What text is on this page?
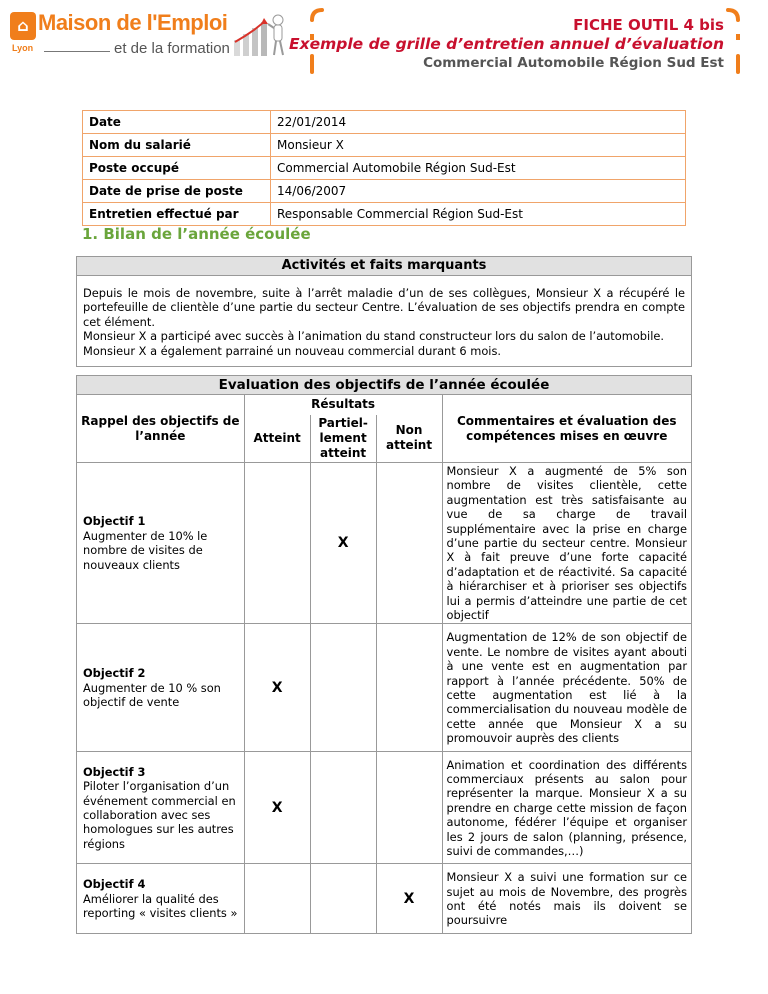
⌂ Maison de l'Emploi
Lyon	et de la formation
FICHE OUTIL 4 bis
Exemple de grille d’entretien annuel d’évaluation
Commercial Automobile Région Sud Est
Date	22/01/2014
Nom du salarié	Monsieur X
Poste occupé	Commercial Automobile Région Sud-Est
Date de prise de poste	14/06/2007
Entretien effectué par	Responsable Commercial Région Sud-Est
1. Bilan de l’année écoulée
Activités et faits marquants

Depuis le mois de novembre, suite à l’arrêt maladie d’un de ses collègues, Monsieur X a récupéré le portefeuille de clientèle d’une partie du secteur Centre. L’évaluation de ses objectifs prendra en compte cet élément.

Monsieur X a participé avec succès à l’animation du stand constructeur lors du salon de l’automobile.

Monsieur X a également parrainé un nouveau commercial durant 6 mois.

Evaluation des objectifs de l’année écoulée				
Rappel des objectifs de l’année	Résultats			Commentaires et évaluation des compétences mises en œuvre
	Atteint	Partiel-lement atteint	Non atteint	

Objectif 1
Augmenter de 10% le nombre de visites de nouveaux clients		X		Monsieur X a augmenté de 5% son nombre de visites clientèle, cette augmentation est très satisfaisante au vue de sa charge de travail supplémentaire avec la prise en charge d’une partie du secteur centre. Monsieur X à fait preuve d’une forte capacité d’adaptation et de réactivité. Sa capacité à hiérarchiser et à prioriser ses objectifs lui a permis d’atteindre une partie de cet objectif

Objectif 2
Augmenter de 10 % son objectif de vente	X			Augmentation de 12% de son objectif de vente. Le nombre de visites ayant abouti à une vente est en augmentation par rapport à l’année précédente. 50% de cette augmentation est lié à la commercialisation du nouveau modèle de cette année que Monsieur X a su promouvoir auprès des clients

Objectif 3
Piloter l’organisation d’un événement commercial en collaboration avec ses homologues sur les autres régions	X			Animation et coordination des différents commerciaux présents au salon pour représenter la marque. Monsieur X a su prendre en charge cette mission de façon autonome, fédérer l’équipe et organiser les 2 jours de salon (planning, présence, suivi de commandes,…)

Objectif 4
Améliorer la qualité des reporting « visites clients »			X	Monsieur X a suivi une formation sur ce sujet au mois de Novembre, des progrès ont été notés mais ils doivent se poursuivre
